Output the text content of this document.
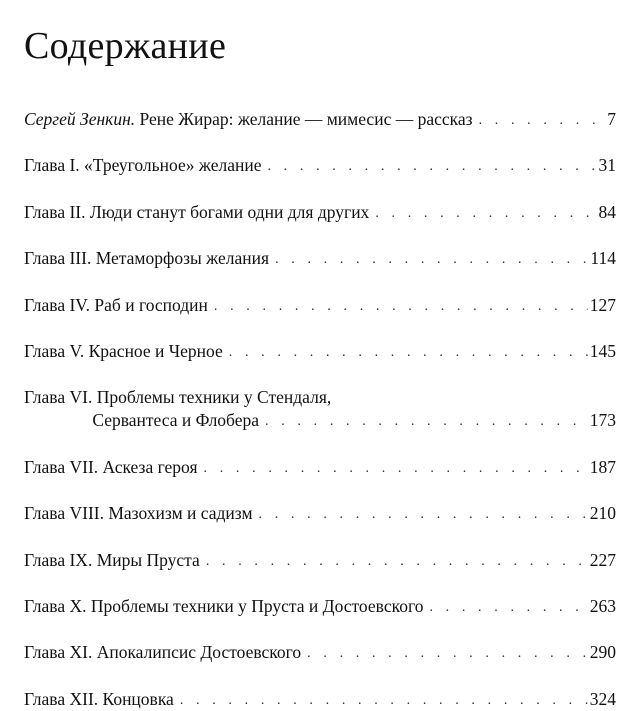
Содержание
Сергей Зенкин. Рене Жирар: желание — мимесис — рассказ . . .	7
Глава I. «Треугольное» желание . . .	31
Глава II. Люди станут богами одни для других . . .	84
Глава III. Метаморфозы желания . . .	114
Глава IV. Раб и господин . . .	127
Глава V. Красное и Черное . . .	145
Глава VI. Проблемы техники у Стендаля,
Сервантеса и Флобера . . .	173
Глава VII. Аскеза героя . . .	187
Глава VIII. Мазохизм и садизм . . .	210
Глава IX. Миры Пруста . . .	227
Глава X. Проблемы техники у Пруста и Достоевского . . .	263
Глава XI. Апокалипсис Достоевского . . .	290
Глава XII. Концовка . . .	324
